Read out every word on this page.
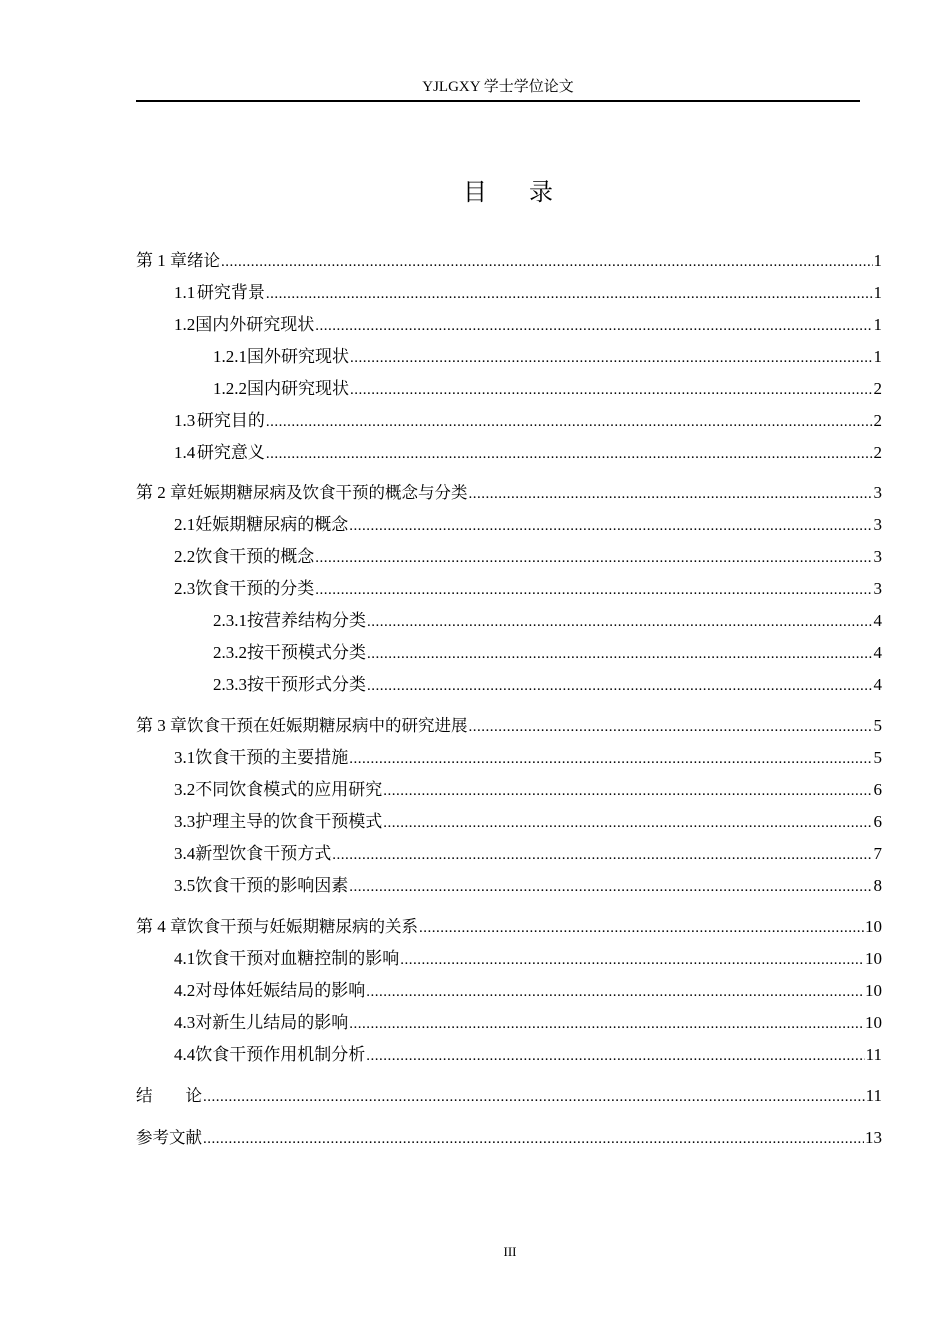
YJLGXY 学士学位论文
目 录
第 1 章 绪论 .....	1
1.1 研究背景 .....	1
1.2 国内外研究现状 .....	1
1.2.1 国外研究现状 .....	1
1.2.2 国内研究现状 .....	2
1.3 研究目的 .....	2
1.4 研究意义 .....	2
第 2 章 妊娠期糖尿病及饮食干预的概念与分类 .....	3
2.1 妊娠期糖尿病的概念 .....	3
2.2 饮食干预的概念 .....	3
2.3 饮食干预的分类 .....	3
2.3.1 按营养结构分类 .....	4
2.3.2 按干预模式分类 .....	4
2.3.3 按干预形式分类 .....	4
第 3 章 饮食干预在妊娠期糖尿病中的研究进展 .....	5
3.1 饮食干预的主要措施 .....	5
3.2 不同饮食模式的应用研究 .....	6
3.3 护理主导的饮食干预模式 .....	6
3.4 新型饮食干预方式 .....	7
3.5 饮食干预的影响因素 .....	8
第 4 章 饮食干预与妊娠期糖尿病的关系 .....	10
4.1 饮食干预对血糖控制的影响 .....	10
4.2 对母体妊娠结局的影响 .....	10
4.3 对新生儿结局的影响 .....	10
4.4 饮食干预作用机制分析 .....	11
结　　论 .....	11
参考文献 .....	13
III
